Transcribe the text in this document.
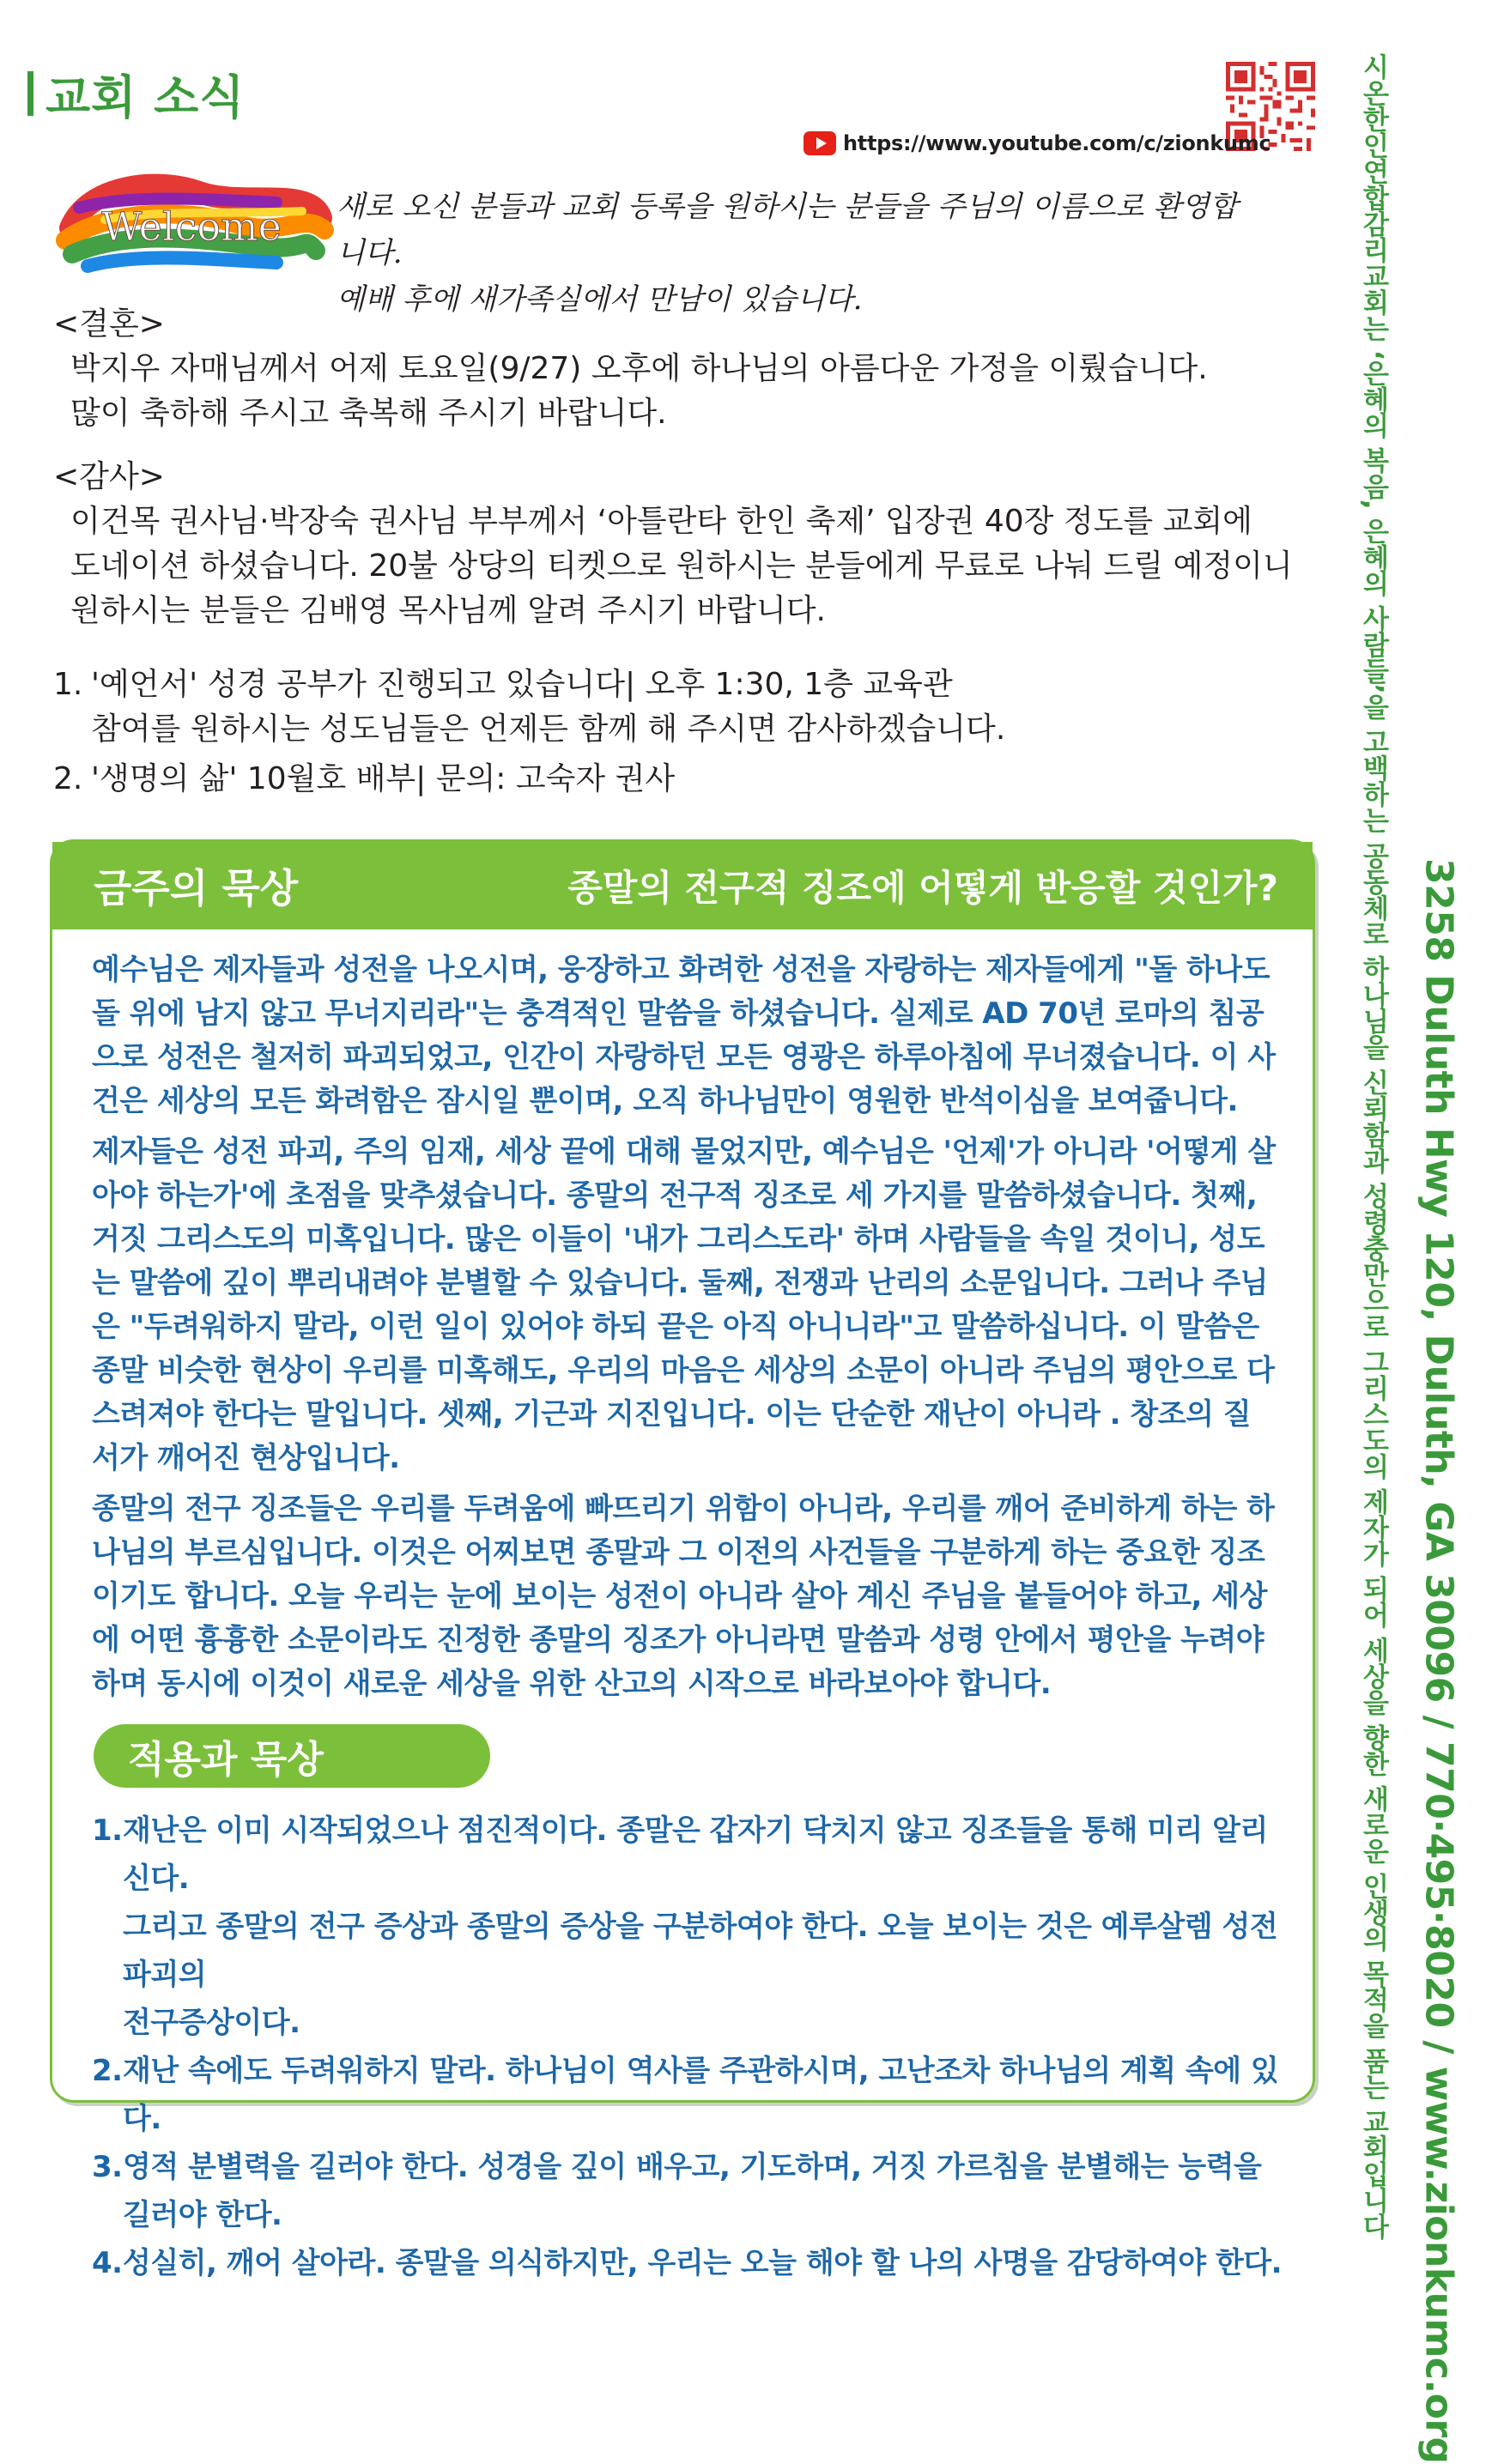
교회 소식
https://www.youtube.com/c/zionkumc
Welcome 새로 오신 분들과 교회 등록을 원하시는 분들을 주님의 이름으로 환영합니다.
예배 후에 새가족실에서 만남이 있습니다.
<결혼>
박지우 자매님께서 어제 토요일(9/27) 오후에 하나님의 아름다운 가정을 이뤘습니다.
많이 축하해 주시고 축복해 주시기 바랍니다.
<감사>
이건목 권사님·박장숙 권사님 부부께서 ‘아틀란타 한인 축제’ 입장권 40장 정도를 교회에
도네이션 하셨습니다. 20불 상당의 티켓으로 원하시는 분들에게 무료로 나눠 드릴 예정이니
원하시는 분들은 김배영 목사님께 알려 주시기 바랍니다.
1. '예언서' 성경 공부가 진행되고 있습니다| 오후 1:30, 1층 교육관
참여를 원하시는 성도님들은 언제든 함께 해 주시면 감사하겠습니다.
2. '생명의 삶' 10월호 배부| 문의: 고숙자 권사
금주의 묵상	종말의 전구적 징조에 어떻게 반응할 것인가?

예수님은 제자들과 성전을 나오시며, 웅장하고 화려한 성전을 자랑하는 제자들에게 "돌 하나도 돌 위에 남지 않고 무너지리라"는 충격적인 말씀을 하셨습니다. 실제로 AD 70년 로마의 침공으로 성전은 철저히 파괴되었고, 인간이 자랑하던 모든 영광은 하루아침에 무너졌습니다. 이 사건은 세상의 모든 화려함은 잠시일 뿐이며, 오직 하나님만이 영원한 반석이심을 보여줍니다.

제자들은 성전 파괴, 주의 임재, 세상 끝에 대해 물었지만, 예수님은 '언제'가 아니라 '어떻게 살아야 하는가'에 초점을 맞추셨습니다. 종말의 전구적 징조로 세 가지를 말씀하셨습니다. 첫째, 거짓 그리스도의 미혹입니다. 많은 이들이 '내가 그리스도라' 하며 사람들을 속일 것이니, 성도는 말씀에 깊이 뿌리내려야 분별할 수 있습니다. 둘째, 전쟁과 난리의 소문입니다. 그러나 주님은 "두려워하지 말라, 이런 일이 있어야 하되 끝은 아직 아니니라"고 말씀하십니다. 이 말씀은 종말 비슷한 현상이 우리를 미혹해도, 우리의 마음은 세상의 소문이 아니라 주님의 평안으로 다스려져야 한다는 말입니다. 셋째, 기근과 지진입니다. 이는 단순한 재난이 아니라 . 창조의 질서가 깨어진 현상입니다.

종말의 전구 징조들은 우리를 두려움에 빠뜨리기 위함이 아니라, 우리를 깨어 준비하게 하는 하나님의 부르심입니다. 이것은 어찌보면 종말과 그 이전의 사건들을 구분하게 하는 중요한 징조이기도 합니다. 오늘 우리는 눈에 보이는 성전이 아니라 살아 계신 주님을 붙들어야 하고, 세상에 어떤 흉흉한 소문이라도 진정한 종말의 징조가 아니라면 말씀과 성령 안에서 평안을 누려야 하며 동시에 이것이 새로운 세상을 위한 산고의 시작으로 바라보아야 합니다.

적용과 묵상
1. 재난은 이미 시작되었으나 점진적이다. 종말은 갑자기 닥치지 않고 징조들을 통해 미리 알리신다.
그리고 종말의 전구 증상과 종말의 증상을 구분하여야 한다. 오늘 보이는 것은 예루살렘 성전 파괴의
전구증상이다.
2. 재난 속에도 두려워하지 말라. 하나님이 역사를 주관하시며, 고난조차 하나님의 계획 속에 있다.
3. 영적 분별력을 길러야 한다. 성경을 깊이 배우고, 기도하며, 거짓 가르침을 분별해는 능력을 길러야 한다.
4. 성실히, 깨어 살아라. 종말을 의식하지만, 우리는 오늘 해야 할 나의 사명을 감당하여야 한다.
시온한인연합감리교회는 ‘은혜의 복음, 은혜의 사람들’을 고백하는 공동체로 하나님을 신뢰함과 성령충만으로 그리스도의 제자가 되어 세상을 향한 새로운 인생의 목적을 품는 교회입니다 3258 Duluth Hwy 120, Duluth, GA 30096 / 770·495·8020 / www.zionkumc.org
